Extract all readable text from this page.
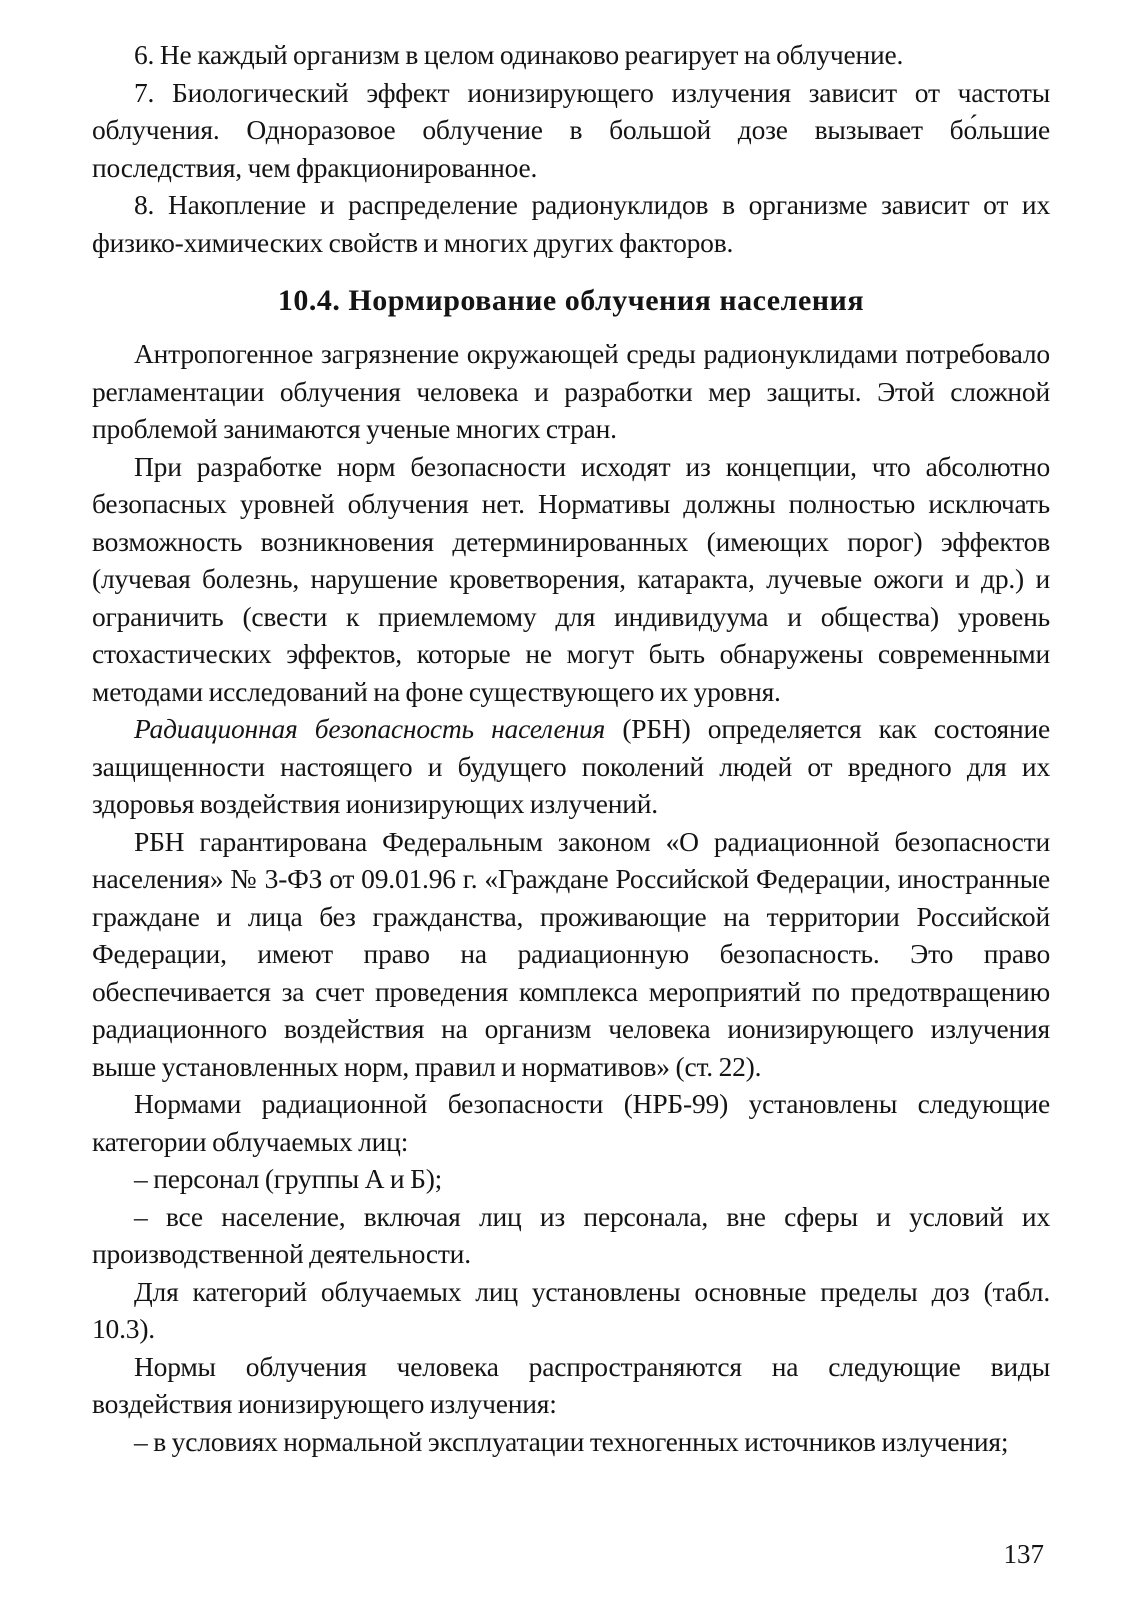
6. Не каждый организм в целом одинаково реагирует на облучение.

7. Биологический эффект ионизирующего излучения зависит от частоты облучения. Одноразовое облучение в большой дозе вызывает бо́льшие последствия, чем фракционированное.

8. Накопление и распределение радионуклидов в организме зависит от их физико-химических свойств и многих других факторов.

10.4. Нормирование облучения населения

Антропогенное загрязнение окружающей среды радионуклидами потребовало регламентации облучения человека и разработки мер защиты. Этой сложной проблемой занимаются ученые многих стран.

При разработке норм безопасности исходят из концепции, что абсолютно безопасных уровней облучения нет. Нормативы должны полностью исключать возможность возникновения детерминированных (имеющих порог) эффектов (лучевая болезнь, нарушение кроветворения, катаракта, лучевые ожоги и др.) и ограничить (свести к приемлемому для индивидуума и общества) уровень стохастических эффектов, которые не могут быть обнаружены современными методами исследований на фоне существующего их уровня.

Радиационная безопасность населения (РБН) определяется как состояние защищенности настоящего и будущего поколений людей от вредного для их здоровья воздействия ионизирующих излучений.

РБН гарантирована Федеральным законом «О радиационной безопасности населения» № 3-ФЗ от 09.01.96 г. «Граждане Российской Федерации, иностранные граждане и лица без гражданства, проживающие на территории Российской Федерации, имеют право на радиационную безопасность. Это право обеспечивается за счет проведения комплекса мероприятий по предотвращению радиационного воздействия на организм человека ионизирующего излучения выше установленных норм, правил и нормативов» (ст. 22).

Нормами радиационной безопасности (НРБ-99) установлены следующие категории облучаемых лиц:

– персонал (группы А и Б);

– все население, включая лиц из персонала, вне сферы и условий их производственной деятельности.

Для категорий облучаемых лиц установлены основные пределы доз (табл. 10.3).

Нормы облучения человека распространяются на следующие виды воздействия ионизирующего излучения:

– в условиях нормальной эксплуатации техногенных источников излучения;

137
